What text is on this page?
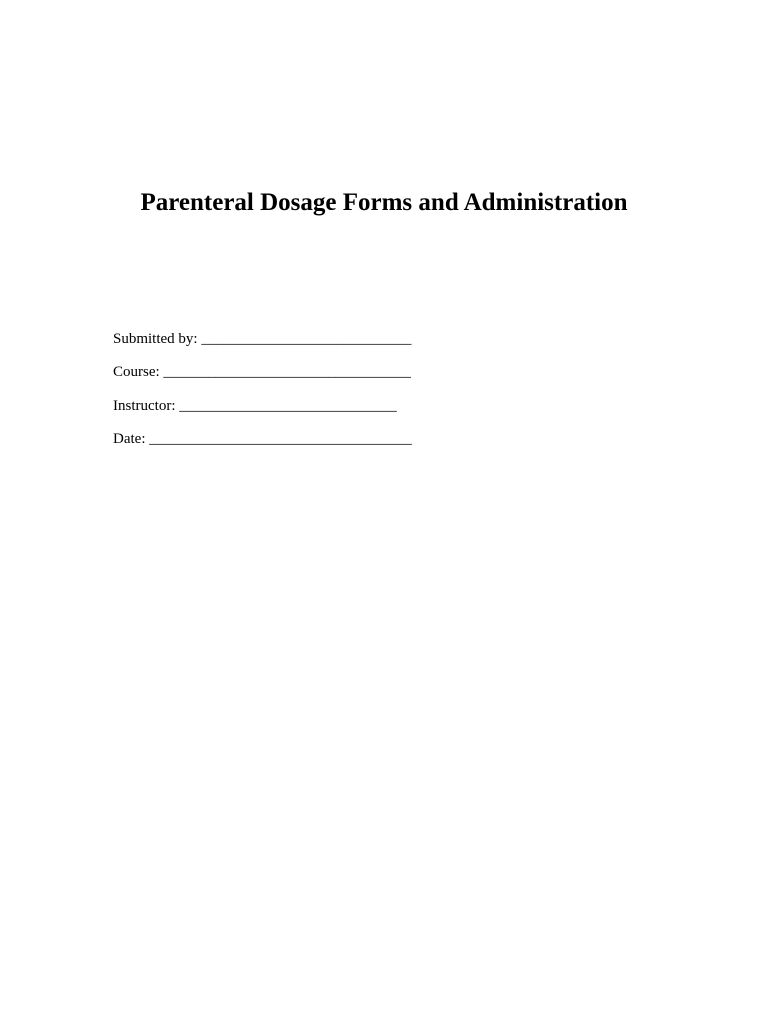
Parenteral Dosage Forms and Administration
Submitted by: ____________________________
Course: _________________________________
Instructor: _____________________________
Date: ___________________________________
